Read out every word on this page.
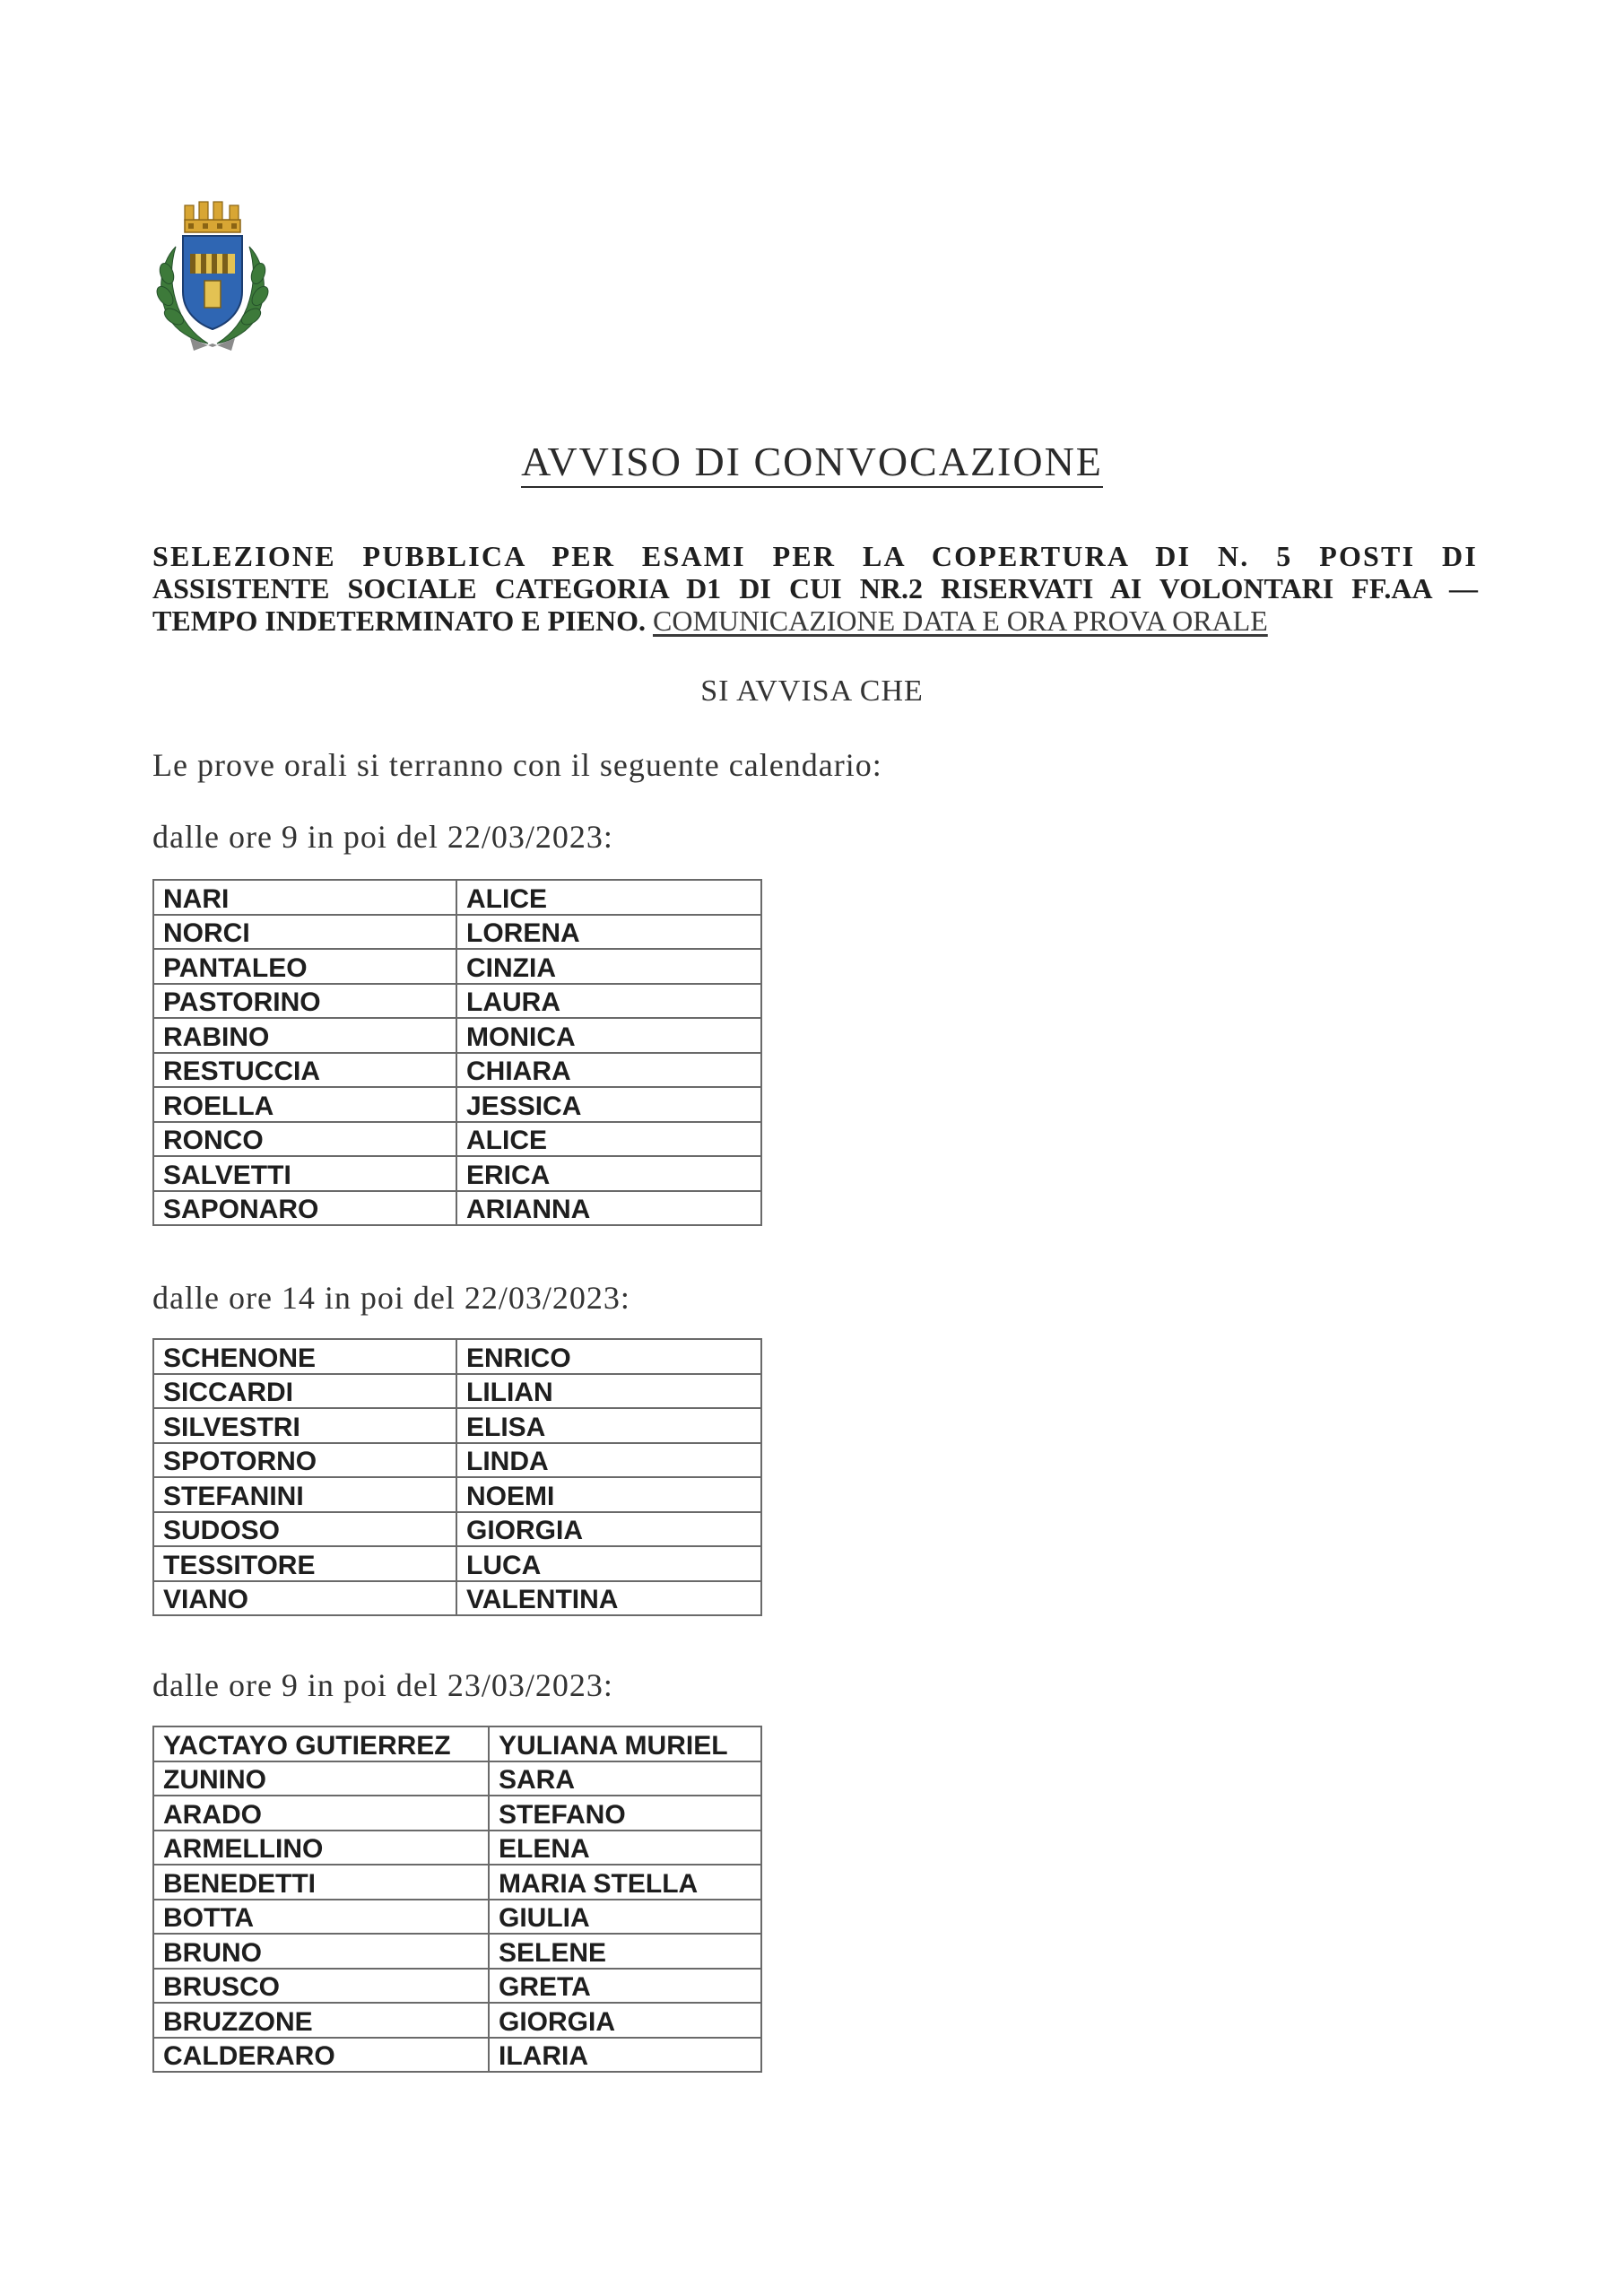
AVVISO DI CONVOCAZIONE
SELEZIONE PUBBLICA PER ESAMI PER LA COPERTURA DI N. 5 POSTI DI
ASSISTENTE SOCIALE CATEGORIA D1 DI CUI NR.2 RISERVATI AI VOLONTARI FF.AA —
TEMPO INDETERMINATO E PIENO. COMUNICAZIONE DATA E ORA PROVA ORALE
SI AVVISA CHE
Le prove orali si terranno con il seguente calendario:
dalle ore 9 in poi del 22/03/2023:
NARI	ALICE
NORCI	LORENA
PANTALEO	CINZIA
PASTORINO	LAURA
RABINO	MONICA
RESTUCCIA	CHIARA
ROELLA	JESSICA
RONCO	ALICE
SALVETTI	ERICA
SAPONARO	ARIANNA
dalle ore 14 in poi del 22/03/2023:
SCHENONE	ENRICO
SICCARDI	LILIAN
SILVESTRI	ELISA
SPOTORNO	LINDA
STEFANINI	NOEMI
SUDOSO	GIORGIA
TESSITORE	LUCA
VIANO	VALENTINA
dalle ore 9 in poi del 23/03/2023:
YACTAYO GUTIERREZ	YULIANA MURIEL
ZUNINO	SARA
ARADO	STEFANO
ARMELLINO	ELENA
BENEDETTI	MARIA STELLA
BOTTA	GIULIA
BRUNO	SELENE
BRUSCO	GRETA
BRUZZONE	GIORGIA
CALDERARO	ILARIA
